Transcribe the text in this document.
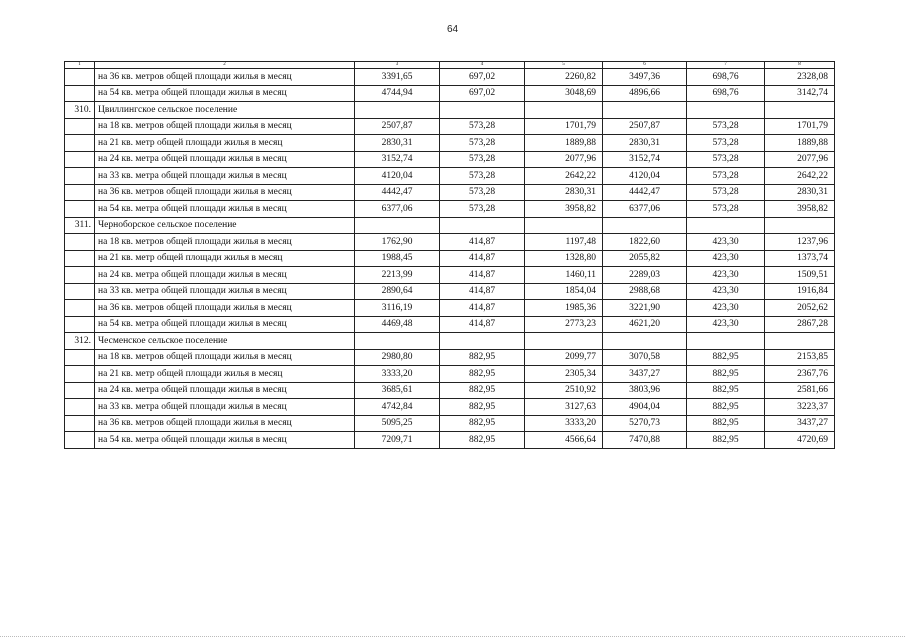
64
1	2	3	4	5	6	7	8
	на 36 кв. метров общей площади жилья в месяц	3391,65	697,02	2260,82	3497,36	698,76	2328,08
	на 54 кв. метра общей площади жилья в месяц	4744,94	697,02	3048,69	4896,66	698,76	3142,74
310.	Цвиллингское сельское поселение						
	на 18 кв. метров общей площади жилья в месяц	2507,87	573,28	1701,79	2507,87	573,28	1701,79
	на 21 кв. метр общей площади жилья в месяц	2830,31	573,28	1889,88	2830,31	573,28	1889,88
	на 24 кв. метра общей площади жилья в месяц	3152,74	573,28	2077,96	3152,74	573,28	2077,96
	на 33 кв. метра общей площади жилья в месяц	4120,04	573,28	2642,22	4120,04	573,28	2642,22
	на 36 кв. метров общей площади жилья в месяц	4442,47	573,28	2830,31	4442,47	573,28	2830,31
	на 54 кв. метра общей площади жилья в месяц	6377,06	573,28	3958,82	6377,06	573,28	3958,82
311.	Черноборское сельское поселение						
	на 18 кв. метров общей площади жилья в месяц	1762,90	414,87	1197,48	1822,60	423,30	1237,96
	на 21 кв. метр общей площади жилья в месяц	1988,45	414,87	1328,80	2055,82	423,30	1373,74
	на 24 кв. метра общей площади жилья в месяц	2213,99	414,87	1460,11	2289,03	423,30	1509,51
	на 33 кв. метра общей площади жилья в месяц	2890,64	414,87	1854,04	2988,68	423,30	1916,84
	на 36 кв. метров общей площади жилья в месяц	3116,19	414,87	1985,36	3221,90	423,30	2052,62
	на 54 кв. метра общей площади жилья в месяц	4469,48	414,87	2773,23	4621,20	423,30	2867,28
312.	Чесменское сельское поселение						
	на 18 кв. метров общей площади жилья в месяц	2980,80	882,95	2099,77	3070,58	882,95	2153,85
	на 21 кв. метр общей площади жилья в месяц	3333,20	882,95	2305,34	3437,27	882,95	2367,76
	на 24 кв. метра общей площади жилья в месяц	3685,61	882,95	2510,92	3803,96	882,95	2581,66
	на 33 кв. метра общей площади жилья в месяц	4742,84	882,95	3127,63	4904,04	882,95	3223,37
	на 36 кв. метров общей площади жилья в месяц	5095,25	882,95	3333,20	5270,73	882,95	3437,27
	на 54 кв. метра общей площади жилья в месяц	7209,71	882,95	4566,64	7470,88	882,95	4720,69
